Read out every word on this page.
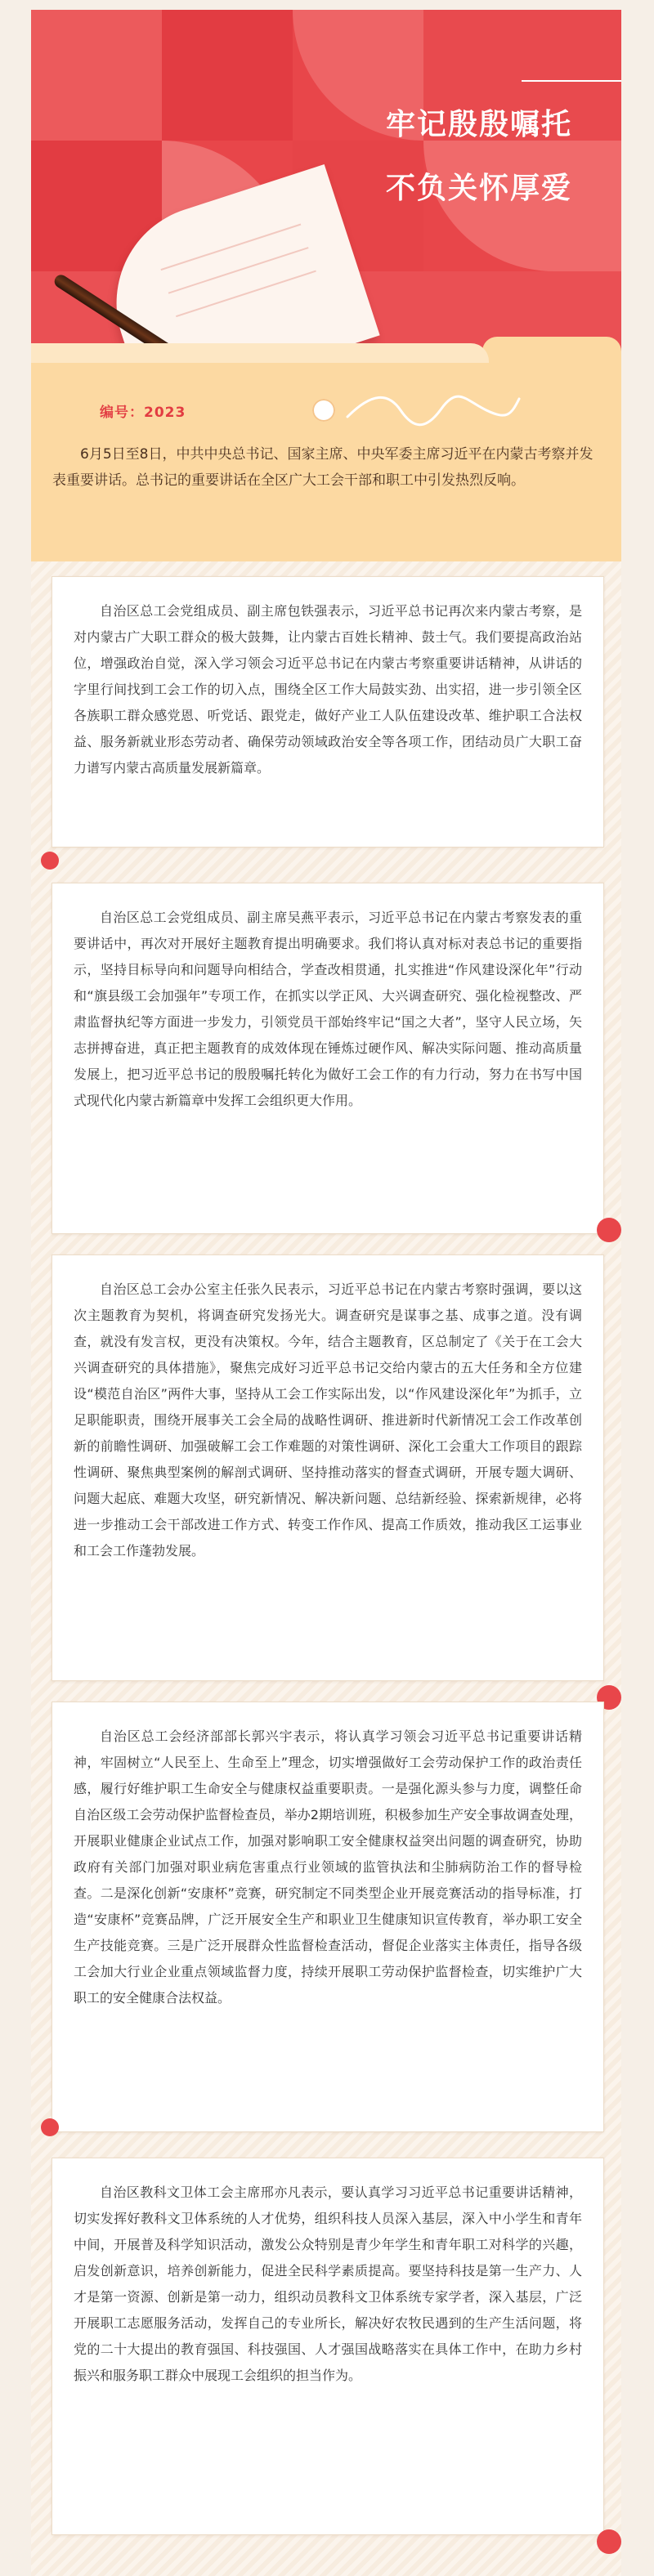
牢记殷殷嘱托
不负关怀厚爱
编号：2023
6月5日至8日，中共中央总书记、国家主席、中央军委主席习近平在内蒙古考察并发表重要讲话。总书记的重要讲话在全区广大工会干部和职工中引发热烈反响。

自治区总工会党组成员、副主席包铁强表示，习近平总书记再次来内蒙古考察，是对内蒙古广大职工群众的极大鼓舞，让内蒙古百姓长精神、鼓士气。我们要提高政治站位，增强政治自觉，深入学习领会习近平总书记在内蒙古考察重要讲话精神，从讲话的字里行间找到工会工作的切入点，围绕全区工作大局鼓实劲、出实招，进一步引领全区各族职工群众感党恩、听党话、跟党走，做好产业工人队伍建设改革、维护职工合法权益、服务新就业形态劳动者、确保劳动领域政治安全等各项工作，团结动员广大职工奋力谱写内蒙古高质量发展新篇章。

自治区总工会党组成员、副主席吴燕平表示，习近平总书记在内蒙古考察发表的重要讲话中，再次对开展好主题教育提出明确要求。我们将认真对标对表总书记的重要指示，坚持目标导向和问题导向相结合，学查改相贯通，扎实推进“作风建设深化年”行动和“旗县级工会加强年”专项工作，在抓实以学正风、大兴调查研究、强化检视整改、严肃监督执纪等方面进一步发力，引领党员干部始终牢记“国之大者”，坚守人民立场，矢志拼搏奋进，真正把主题教育的成效体现在锤炼过硬作风、解决实际问题、推动高质量发展上，把习近平总书记的殷殷嘱托转化为做好工会工作的有力行动，努力在书写中国式现代化内蒙古新篇章中发挥工会组织更大作用。

自治区总工会办公室主任张久民表示，习近平总书记在内蒙古考察时强调，要以这次主题教育为契机，将调查研究发扬光大。调查研究是谋事之基、成事之道。没有调查，就没有发言权，更没有决策权。今年，结合主题教育，区总制定了《关于在工会大兴调查研究的具体措施》，聚焦完成好习近平总书记交给内蒙古的五大任务和全方位建设“模范自治区”两件大事，坚持从工会工作实际出发，以“作风建设深化年”为抓手，立足职能职责，围绕开展事关工会全局的战略性调研、推进新时代新情况工会工作改革创新的前瞻性调研、加强破解工会工作难题的对策性调研、深化工会重大工作项目的跟踪性调研、聚焦典型案例的解剖式调研、坚持推动落实的督查式调研，开展专题大调研、问题大起底、难题大攻坚，研究新情况、解决新问题、总结新经验、探索新规律，必将进一步推动工会干部改进工作方式、转变工作作风、提高工作质效，推动我区工运事业和工会工作蓬勃发展。

自治区总工会经济部部长郭兴宇表示，将认真学习领会习近平总书记重要讲话精神，牢固树立“人民至上、生命至上”理念，切实增强做好工会劳动保护工作的政治责任感，履行好维护职工生命安全与健康权益重要职责。一是强化源头参与力度，调整任命自治区级工会劳动保护监督检查员，举办2期培训班，积极参加生产安全事故调查处理，开展职业健康企业试点工作，加强对影响职工安全健康权益突出问题的调查研究，协助政府有关部门加强对职业病危害重点行业领域的监管执法和尘肺病防治工作的督导检查。二是深化创新“安康杯”竞赛，研究制定不同类型企业开展竞赛活动的指导标准，打造“安康杯”竞赛品牌，广泛开展安全生产和职业卫生健康知识宣传教育，举办职工安全生产技能竞赛。三是广泛开展群众性监督检查活动，督促企业落实主体责任，指导各级工会加大行业企业重点领域监督力度，持续开展职工劳动保护监督检查，切实维护广大职工的安全健康合法权益。

自治区教科文卫体工会主席邢亦凡表示，要认真学习习近平总书记重要讲话精神，切实发挥好教科文卫体系统的人才优势，组织科技人员深入基层，深入中小学生和青年中间，开展普及科学知识活动，激发公众特别是青少年学生和青年职工对科学的兴趣，启发创新意识，培养创新能力，促进全民科学素质提高。要坚持科技是第一生产力、人才是第一资源、创新是第一动力，组织动员教科文卫体系统专家学者，深入基层，广泛开展职工志愿服务活动，发挥自己的专业所长，解决好农牧民遇到的生产生活问题，将党的二十大提出的教育强国、科技强国、人才强国战略落实在具体工作中，在助力乡村振兴和服务职工群众中展现工会组织的担当作为。
